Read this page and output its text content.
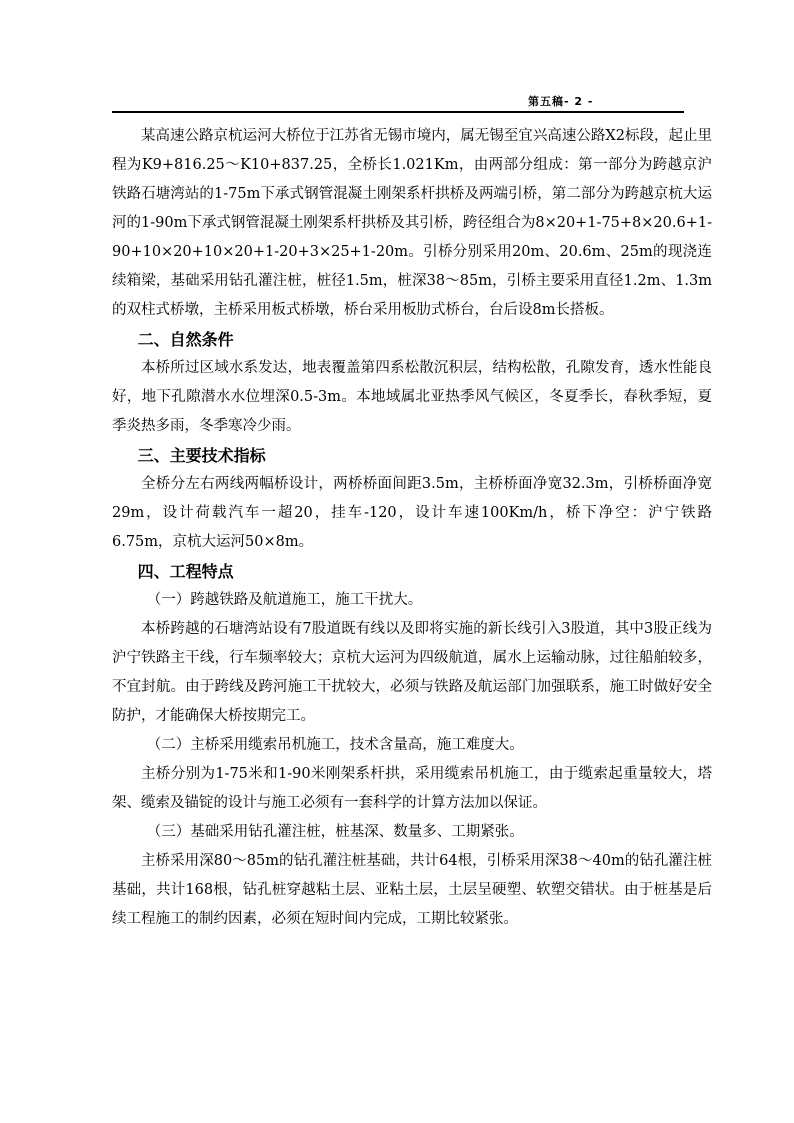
第五稿- 2 -

某高速公路京杭运河大桥位于江苏省无锡市境内，属无锡至宜兴高速公路X2标段，起止里程为K9+816.25～K10+837.25，全桥长1.021Km，由两部分组成：第一部分为跨越京沪铁路石塘湾站的1-75m下承式钢管混凝土刚架系杆拱桥及两端引桥，第二部分为跨越京杭大运河的1-90m下承式钢管混凝土刚架系杆拱桥及其引桥，跨径组合为8×20+1-75+8×20.6+1-90+10×20+10×20+1-20+3×25+1-20m。引桥分别采用20m、20.6m、25m的现浇连续箱梁，基础采用钻孔灌注桩，桩径1.5m，桩深38～85m，引桥主要采用直径1.2m、1.3m的双柱式桥墩，主桥采用板式桥墩，桥台采用板肋式桥台，台后设8m长搭板。

二、自然条件

本桥所过区域水系发达，地表覆盖第四系松散沉积层，结构松散，孔隙发育，透水性能良好，地下孔隙潜水水位埋深0.5-3m。本地域属北亚热季风气候区，冬夏季长，春秋季短，夏季炎热多雨，冬季寒冷少雨。

三、主要技术指标

全桥分左右两线两幅桥设计，两桥桥面间距3.5m，主桥桥面净宽32.3m，引桥桥面净宽29m，设计荷载汽车一超20，挂车-120，设计车速100Km/h，桥下净空：沪宁铁路6.75m，京杭大运河50×8m。

四、工程特点

（一）跨越铁路及航道施工，施工干扰大。

本桥跨越的石塘湾站设有7股道既有线以及即将实施的新长线引入3股道，其中3股正线为沪宁铁路主干线，行车频率较大；京杭大运河为四级航道，属水上运输动脉，过往船舶较多，不宜封航。由于跨线及跨河施工干扰较大，必须与铁路及航运部门加强联系，施工时做好安全防护，才能确保大桥按期完工。

（二）主桥采用缆索吊机施工，技术含量高，施工难度大。

主桥分别为1-75米和1-90米刚架系杆拱，采用缆索吊机施工，由于缆索起重量较大，塔架、缆索及锚锭的设计与施工必须有一套科学的计算方法加以保证。

（三）基础采用钻孔灌注桩，桩基深、数量多、工期紧张。

主桥采用深80～85m的钻孔灌注桩基础，共计64根，引桥采用深38～40m的钻孔灌注桩基础，共计168根，钻孔桩穿越粘土层、亚粘土层，土层呈硬塑、软塑交错状。由于桩基是后续工程施工的制约因素，必须在短时间内完成，工期比较紧张。
